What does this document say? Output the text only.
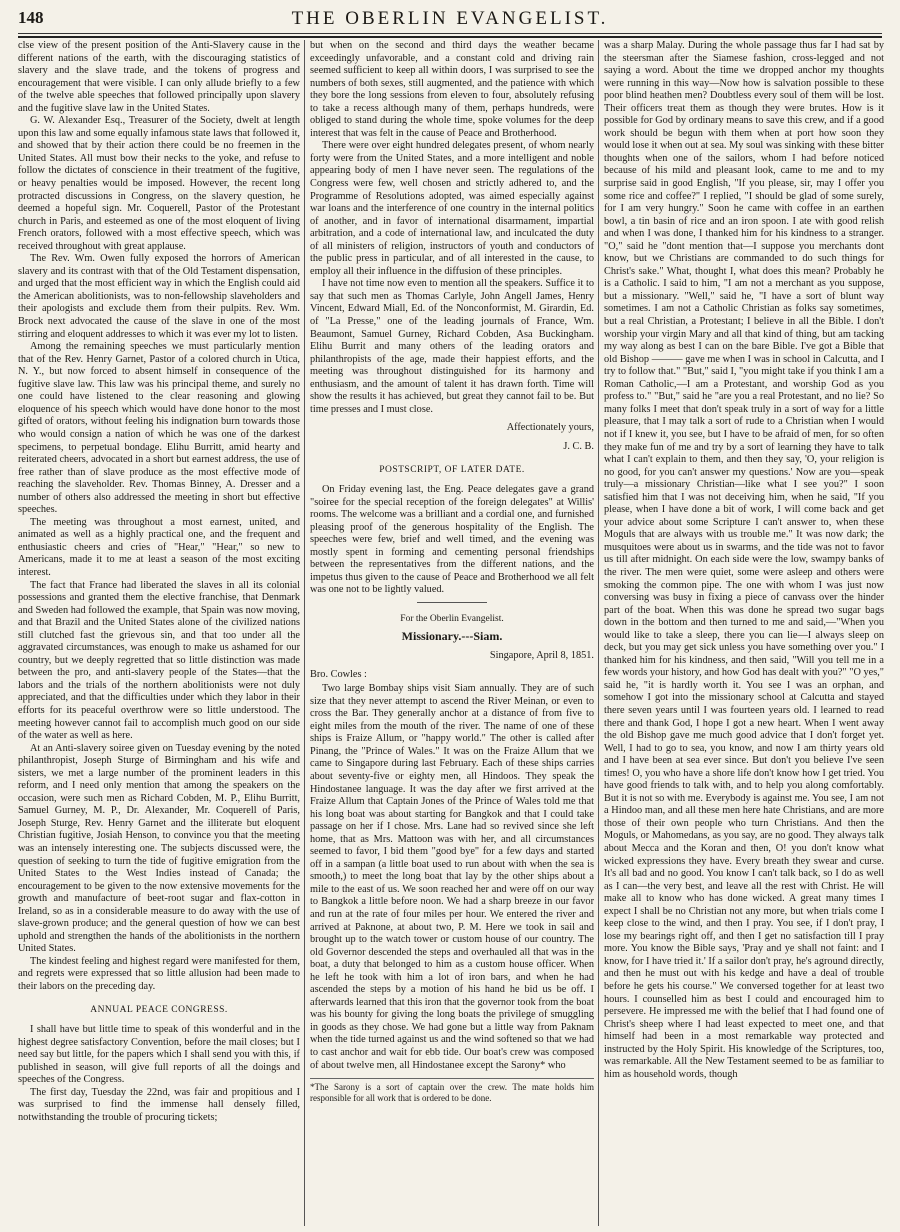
148	THE OBERLIN EVANGELIST.

clse view of the present position of the Anti-Slavery cause in the different nations of the earth, with the discouraging statistics of slavery and the slave trade, and the tokens of progress and encouragement that were visible. I can only allude briefly to a few of the twelve able speeches that followed principally upon slavery and the fugitive slave law in the United States.

G. W. Alexander Esq., Treasurer of the Society, dwelt at length upon this law and some equally infamous state laws that followed it, and showed that by their action there could be no freemen in the United States. All must bow their necks to the yoke, and refuse to follow the dictates of conscience in their treatment of the fugitive, or heavy penalties would be imposed. However, the recent long protracted discussions in Congress, on the slavery question, he deemed a hopeful sign. Mr. Coquerell, Pastor of the Protestant church in Paris, and esteemed as one of the most eloquent of living French orators, followed with a most effective speech, which was received throughout with great applause.

The Rev. Wm. Owen fully exposed the horrors of American slavery and its contrast with that of the Old Testament dispensation, and urged that the most efficient way in which the English could aid the American abolitionists, was to non-fellowship slaveholders and their apologists and exclude them from their pulpits. Rev. Wm. Brock next advocated the cause of the slave in one of the most stirring and eloquent addresses to which it was ever my lot to listen.

Among the remaining speeches we must particularly mention that of the Rev. Henry Garnet, Pastor of a colored church in Utica, N. Y., but now forced to absent himself in consequence of the fugitive slave law. This law was his principal theme, and surely no one could have listened to the clear reasoning and glowing eloquence of his speech which would have done honor to the most gifted of orators, without feeling his indignation burn towards those who would consign a nation of which he was one of the darkest specimens, to perpetual bondage. Elihu Burritt, amid hearty and reiterated cheers, advocated in a short but earnest address, the use of free rather than of slave produce as the most effective mode of reaching the slaveholder. Rev. Thomas Binney, A. Dresser and a number of others also addressed the meeting in short but effective speeches.

The meeting was throughout a most earnest, united, and animated as well as a highly practical one, and the frequent and enthusiastic cheers and cries of "Hear," "Hear," so new to Americans, made it to me at least a season of the most exciting interest.

The fact that France had liberated the slaves in all its colonial possessions and granted them the elective franchise, that Denmark and Sweden had followed the example, that Spain was now moving, and that Brazil and the United States alone of the civilized nations still clutched fast the grievous sin, and that too under all the aggravated circumstances, was enough to make us ashamed for our country, but we deeply regretted that so little distinction was made between the pro, and anti-slavery people of the States—that the labors and the trials of the northern abolitionists were not duly appreciated, and that the difficulties under which they labor in their efforts for its peaceful overthrow were so little understood. The meeting however cannot fail to accomplish much good on our side of the water as well as here.

At an Anti-slavery soiree given on Tuesday evening by the noted philanthropist, Joseph Sturge of Birmingham and his wife and sisters, we met a large number of the prominent leaders in this reform, and I need only mention that among the speakers on the occasion, were such men as Richard Cobden, M. P., Elihu Burritt, Samuel Gurney, M. P., Dr. Alexander, Mr. Coquerell of Paris, Joseph Sturge, Rev. Henry Garnet and the illiterate but eloquent Christian fugitive, Josiah Henson, to convince you that the meeting was an intensely interesting one. The subjects discussed were, the question of seeking to turn the tide of fugitive emigration from the United States to the West Indies instead of Canada; the encouragement to be given to the now extensive movements for the growth and manufacture of beet-root sugar and flax-cotton in Ireland, so as in a considerable measure to do away with the use of slave-grown produce; and the general question of how we can best uphold and strengthen the hands of the abolitionists in the northern United States.

The kindest feeling and highest regard were manifested for them, and regrets were expressed that so little allusion had been made to their labors on the preceding day.

ANNUAL PEACE CONGRESS.

I shall have but little time to speak of this wonderful and in the highest degree satisfactory Convention, before the mail closes; but I need say but little, for the papers which I shall send you with this, if published in season, will give full reports of all the doings and speeches of the Congress.

The first day, Tuesday the 22nd, was fair and propitious and I was surprised to find the immense hall densely filled, notwithstanding the trouble of procuring tickets;

but when on the second and third days the weather became exceedingly unfavorable, and a constant cold and driving rain seemed sufficient to keep all within doors, I was surprised to see the numbers of both sexes, still augmented, and the patience with which they bore the long sessions from eleven to four, absolutely refusing to take a recess although many of them, perhaps hundreds, were obliged to stand during the whole time, spoke volumes for the deep interest that was felt in the cause of Peace and Brotherhood.

There were over eight hundred delegates present, of whom nearly forty were from the United States, and a more intelligent and noble appearing body of men I have never seen. The regulations of the Congress were few, well chosen and strictly adhered to, and the Programme of Resolutions adopted, was aimed especially against war loans and the interference of one country in the internal politics of another, and in favor of international disarmament, impartial arbitration, and a code of international law, and inculcated the duty of all ministers of religion, instructors of youth and conductors of the public press in particular, and of all interested in the cause, to employ all their influence in the diffusion of these principles.

I have not time now even to mention all the speakers. Suffice it to say that such men as Thomas Carlyle, John Angell James, Henry Vincent, Edward Miall, Ed. of the Nonconformist, M. Girardin, Ed. of "La Presse," one of the leading journals of France, Wm. Beaumont, Samuel Gurney, Richard Cobden, Asa Buckingham. Elihu Burrit and many others of the leading orators and philanthropists of the age, made their happiest efforts, and the meeting was throughout distinguished for its harmony and enthusiasm, and the amount of talent it has drawn forth. Time will show the results it has achieved, but great they cannot fail to be. But time presses and I must close.

Affectionately yours,

J. C. B.

POSTSCRIPT, OF LATER DATE.

On Friday evening last, the Eng. Peace delegates gave a grand "soiree for the special reception of the foreign delegates" at Willis' rooms. The welcome was a brilliant and a cordial one, and furnished pleasing proof of the generous hospitality of the English. The speeches were few, brief and well timed, and the evening was mostly spent in forming and cementing personal friendships between the representatives from the different nations, and the impetus thus given to the cause of Peace and Brotherhood we all felt was one not to be lightly valued.

For the Oberlin Evangelist.
Missionary.---Siam.

Singapore, April 8, 1851.

Bro. Cowles :

Two large Bombay ships visit Siam annually. They are of such size that they never attempt to ascend the River Meinan, or even to cross the Bar. They generally anchor at a distance of from five to eight miles from the mouth of the river. The name of one of these ships is Fraize Allum, or "happy world." The other is called after Pinang, the "Prince of Wales." It was on the Fraize Allum that we came to Singapore during last February. Each of these ships carries about seventy-five or eighty men, all Hindoos. They speak the Hindostanee language. It was the day after we first arrived at the Fraize Allum that Captain Jones of the Prince of Wales told me that his long boat was about starting for Bangkok and that I could take passage on her if I chose. Mrs. Lane had so revived since she left home, that as Mrs. Mattoon was with her, and all circumstances seemed to favor, I bid them "good bye" for a few days and started off in a sampan (a little boat used to run about with when the sea is smooth,) to meet the long boat that lay by the other ships about a mile to the east of us. We soon reached her and were off on our way to Bangkok a little before noon. We had a sharp breeze in our favor and run at the rate of four miles per hour. We entered the river and arrived at Paknone, at about two, P. M. Here we took in sail and brought up to the watch tower or custom house of our country. The old Governor descended the steps and overhauled all that was in the boat, a duty that belonged to him as a custom house officer. When he left he took with him a lot of iron bars, and when he had ascended the steps by a motion of his hand he bid us be off. I afterwards learned that this iron that the governor took from the boat was his bounty for giving the long boats the privilege of smuggling in goods as they chose. We had gone but a little way from Paknam when the tide turned against us and the wind softened so that we had to cast anchor and wait for ebb tide. Our boat's crew was composed of about twelve men, all Hindostanee except the Sarony* who

*The Sarony is a sort of captain over the crew. The mate holds him responsible for all work that is ordered to be done.

was a sharp Malay. During the whole passage thus far I had sat by the steersman after the Siamese fashion, cross-legged and not saying a word. About the time we dropped anchor my thoughts were running in this way—Now how is salvation possible to these poor blind heathen men? Doubtless every soul of them will be lost. Their officers treat them as though they were brutes. How is it possible for God by ordinary means to save this crew, and if a good work should be begun with them when at port how soon they would lose it when out at sea. My soul was sinking with these bitter thoughts when one of the sailors, whom I had before noticed because of his mild and pleasant look, came to me and to my surprise said in good English, "If you please, sir, may I offer you some rice and coffee?" I replied, "I should be glad of some surely, for I am very hungry." Soon he came with coffee in an earthen bowl, a tin basin of rice and an iron spoon. I ate with good relish and when I was done, I thanked him for his kindness to a stranger. "O," said he "dont mention that—I suppose you merchants dont know, but we Christians are commanded to do such things for Christ's sake." What, thought I, what does this mean? Probably he is a Catholic. I said to him, "I am not a merchant as you suppose, but a missionary. "Well," said he, "I have a sort of blunt way sometimes. I am not a Catholic Christian as folks say sometimes, but a real Christian, a Protestant; I believe in all the Bible. I don't worship your virgin Mary and all that kind of thing, but am tacking my way along as best I can on the bare Bible. I've got a Bible that old Bishop ——— gave me when I was in school in Calcutta, and I try to follow that." "But," said I, "you might take if you think I am a Roman Catholic,—I am a Protestant, and worship God as you profess to." "But," said he "are you a real Protestant, and no lie? So many folks I meet that don't speak truly in a sort of way for a little pleasure, that I may talk a sort of rude to a Christian when I would not if I knew it, you see, but I have to be afraid of men, for so often they make fun of me and try by a sort of learning they have to talk what I can't explain to them, and then they say, 'O, your religion is no good, for you can't answer my questions.' Now are you—speak truly—a missionary Christian—like what I see you?" I soon satisfied him that I was not deceiving him, when he said, "If you please, when I have done a bit of work, I will come back and get your advice about some Scripture I can't answer to, when these Moguls that are always with us trouble me." It was now dark; the musquitoes were about us in swarms, and the tide was not to favor us till after midnight. On each side were the low, swampy banks of the river. The men were quiet, some were asleep and others were smoking the common pipe. The one with whom I was just now conversing was busy in fixing a piece of canvass over the hinder part of the boat. When this was done he spread two sugar bags down in the bottom and then turned to me and said,—"When you would like to take a sleep, there you can lie—I always sleep on deck, but you may get sick unless you have something over you." I thanked him for his kindness, and then said, "Will you tell me in a few words your history, and how God has dealt with you?" "O yes," said he, "it is hardly worth it. You see I was an orphan, and somehow I got into the missionary school at Calcutta and stayed there seven years until I was fourteen years old. I learned to read there and thank God, I hope I got a new heart. When I went away the old Bishop gave me much good advice that I don't forget yet. Well, I had to go to sea, you know, and now I am thirty years old and I have been at sea ever since. But don't you believe I've seen times! O, you who have a shore life don't know how I get tried. You have good friends to talk with, and to help you along comfortably. But it is not so with me. Everybody is against me. You see, I am not a Hindoo man, and all these men here hate Christians, and are more those of their own people who turn Christians. And then the Moguls, or Mahomedans, as you say, are no good. They always talk about Mecca and the Koran and then, O! you don't know what wicked expressions they have. Every breath they swear and curse. It's all bad and no good. You know I can't talk back, so I do as well as I can—the very best, and leave all the rest with Christ. He will make all to know who has done wicked. A great many times I expect I shall be no Christian not any more, but when trials come I keep close to the wind, and then I pray. You see, if I don't pray, I lose my bearings right off, and then I get no satisfaction till I pray more. You know the Bible says, 'Pray and ye shall not faint: and I know, for I have tried it.' If a sailor don't pray, he's aground directly, and then he must out with his kedge and have a deal of trouble before he gets his course." We conversed together for at least two hours. I counselled him as best I could and encouraged him to persevere. He impressed me with the belief that I had found one of Christ's sheep where I had least expected to meet one, and that himself had been in a most remarkable way protected and instructed by the Holy Spirit. His knowledge of the Scriptures, too, was remarkable. All the New Testament seemed to be as familiar to him as household words, though
